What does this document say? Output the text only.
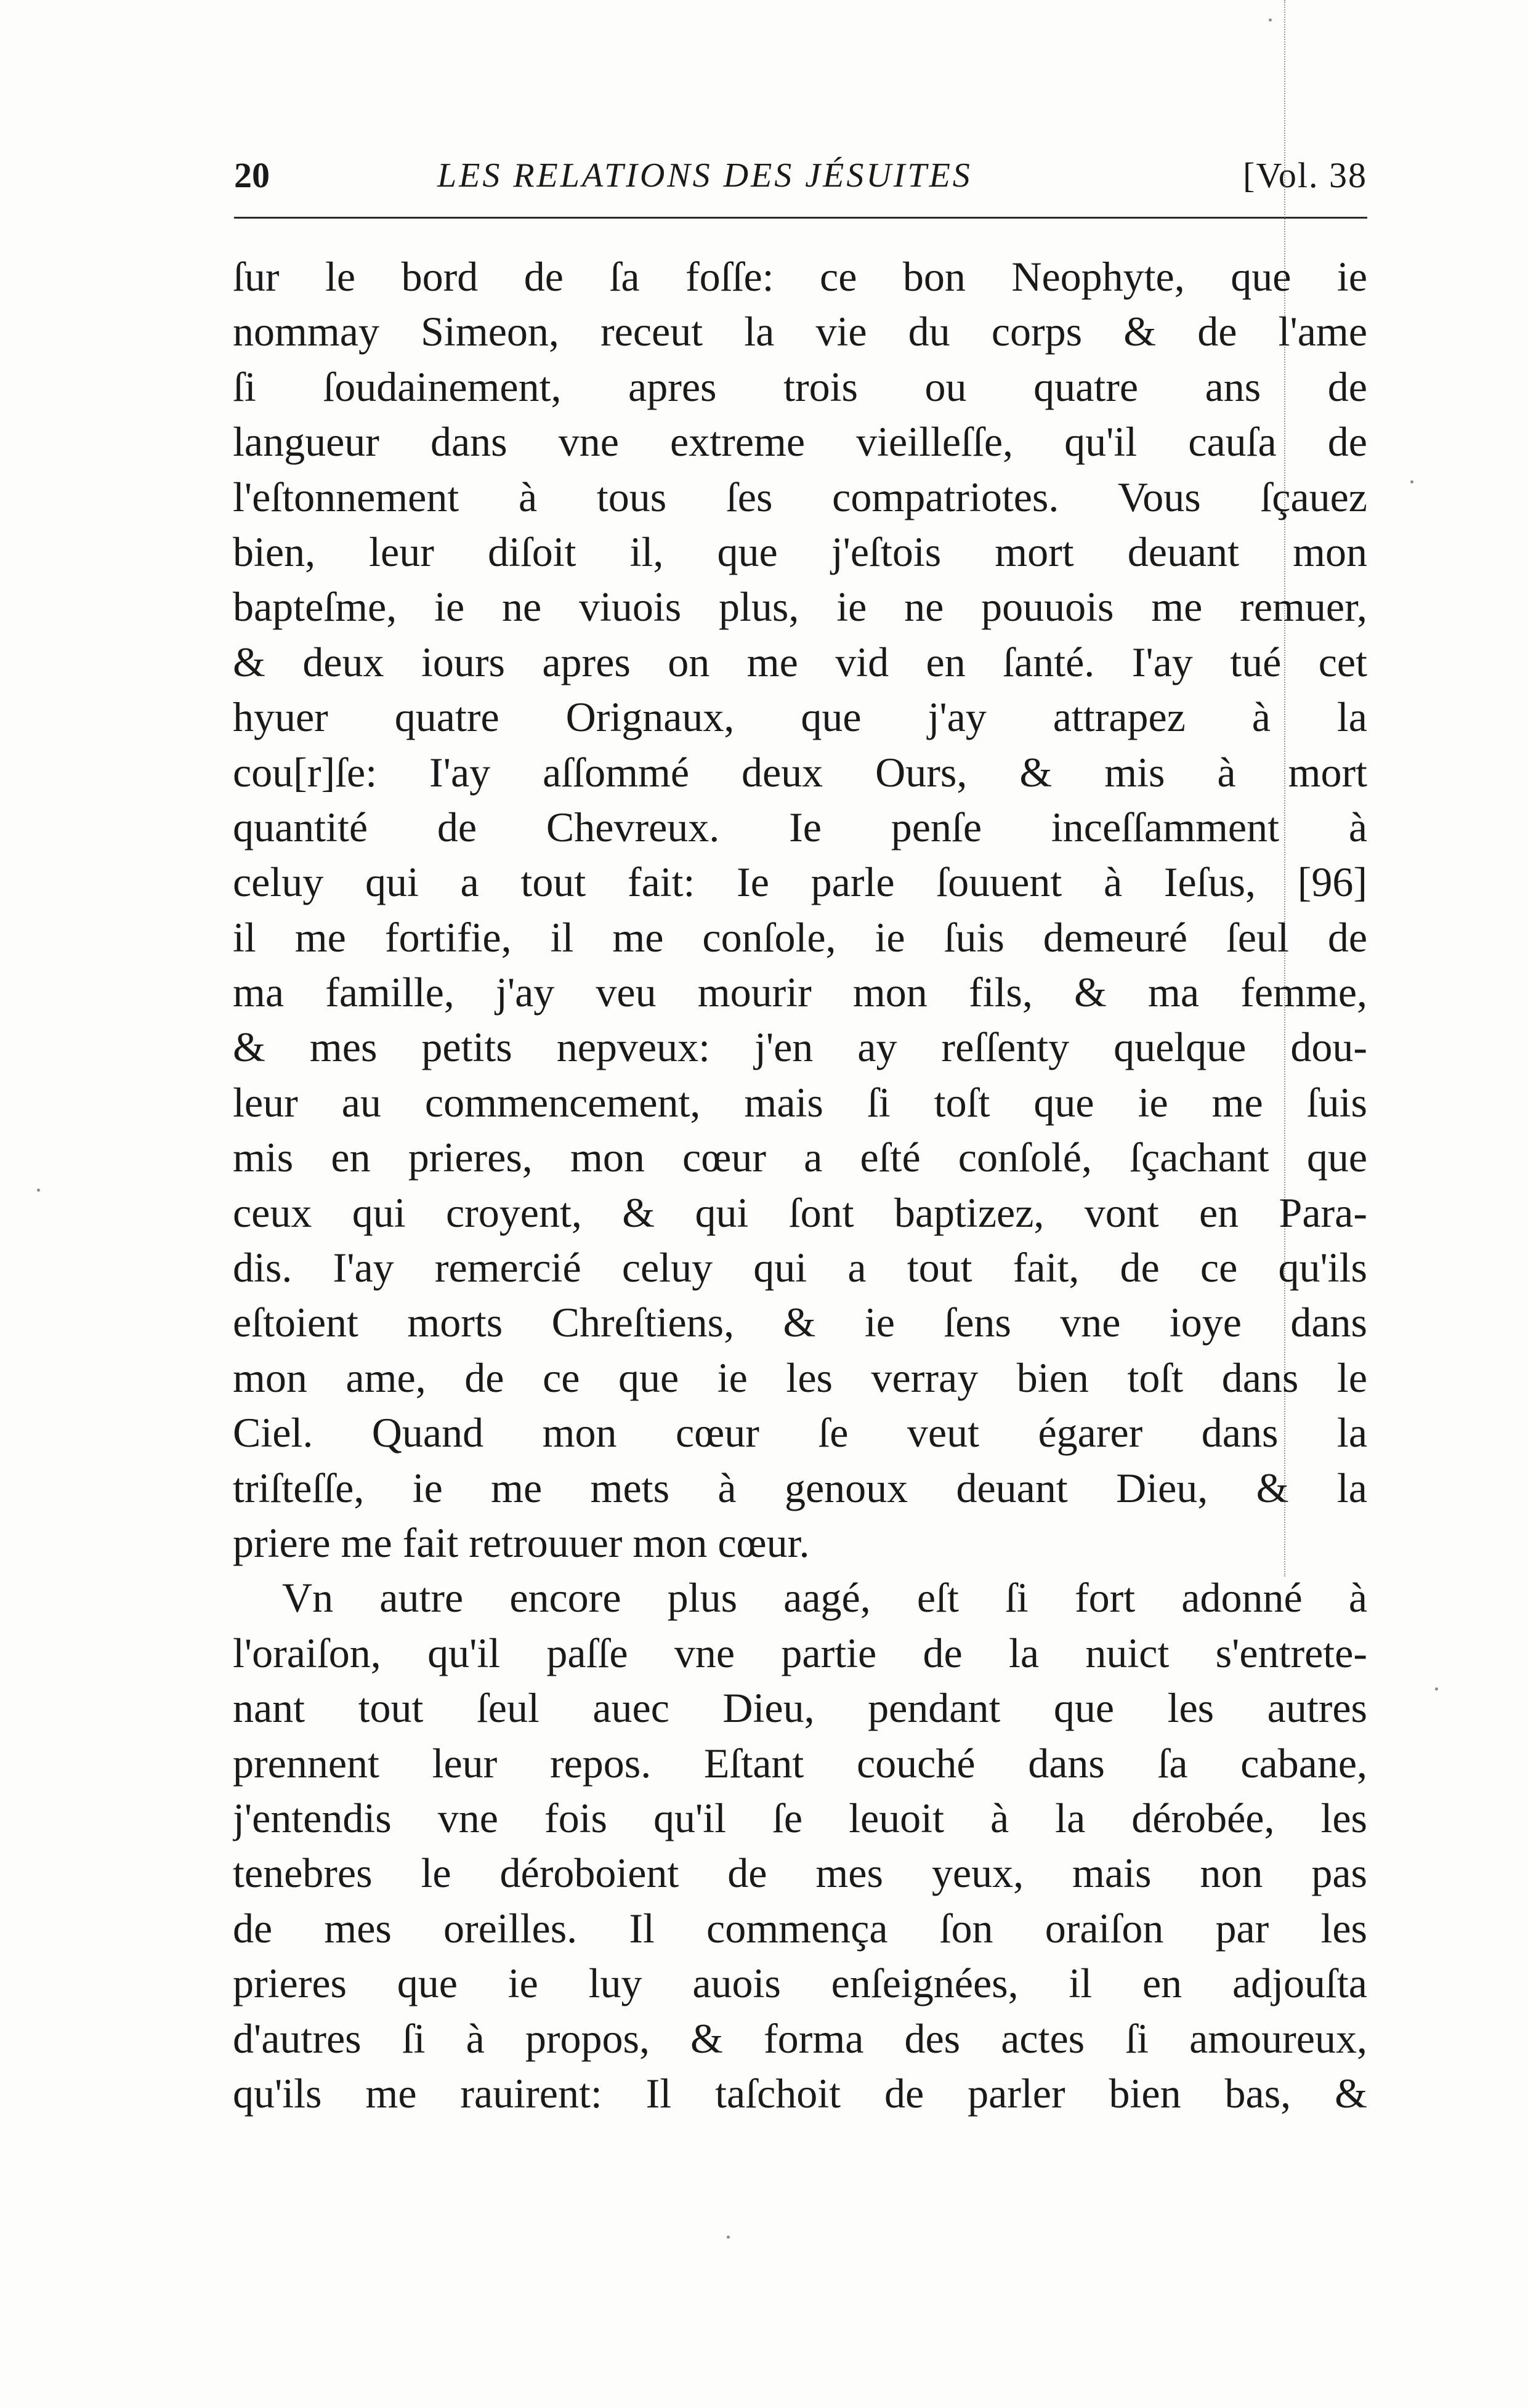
20	LES RELATIONS DES JÉSUITES	[Vol. 38
ſur le bord de ſa foſſe: ce bon Neophyte, que ie
nommay Simeon, receut la vie du corps & de l'ame
ſi ſoudainement, apres trois ou quatre ans de
langueur dans vne extreme vieilleſſe, qu'il cauſa de
l'eſtonnement à tous ſes compatriotes. Vous ſçauez
bien, leur diſoit il, que j'eſtois mort deuant mon
bapteſme, ie ne viuois plus, ie ne pouuois me remuer,
& deux iours apres on me vid en ſanté. I'ay tué cet
hyuer quatre Orignaux, que j'ay attrapez à la
cou[r]ſe: I'ay aſſommé deux Ours, & mis à mort
quantité de Chevreux. Ie penſe inceſſamment à
celuy qui a tout fait: Ie parle ſouuent à Ieſus, [96]
il me fortifie, il me conſole, ie ſuis demeuré ſeul de
ma famille, j'ay veu mourir mon fils, & ma femme,
& mes petits nepveux: j'en ay reſſenty quelque dou-
leur au commencement, mais ſi toſt que ie me ſuis
mis en prieres, mon cœur a eſté conſolé, ſçachant que
ceux qui croyent, & qui ſont baptizez, vont en Para-
dis. I'ay remercié celuy qui a tout fait, de ce qu'ils
eſtoient morts Chreſtiens, & ie ſens vne ioye dans
mon ame, de ce que ie les verray bien toſt dans le
Ciel. Quand mon cœur ſe veut égarer dans la
triſteſſe, ie me mets à genoux deuant Dieu, & la
priere me fait retrouuer mon cœur.
Vn autre encore plus aagé, eſt ſi fort adonné à
l'oraiſon, qu'il paſſe vne partie de la nuict s'entrete-
nant tout ſeul auec Dieu, pendant que les autres
prennent leur repos. Eſtant couché dans ſa cabane,
j'entendis vne fois qu'il ſe leuoit à la dérobée, les
tenebres le déroboient de mes yeux, mais non pas
de mes oreilles. Il commença ſon oraiſon par les
prieres que ie luy auois enſeignées, il en adjouſta
d'autres ſi à propos, & forma des actes ſi amoureux,
qu'ils me rauirent: Il taſchoit de parler bien bas, &
